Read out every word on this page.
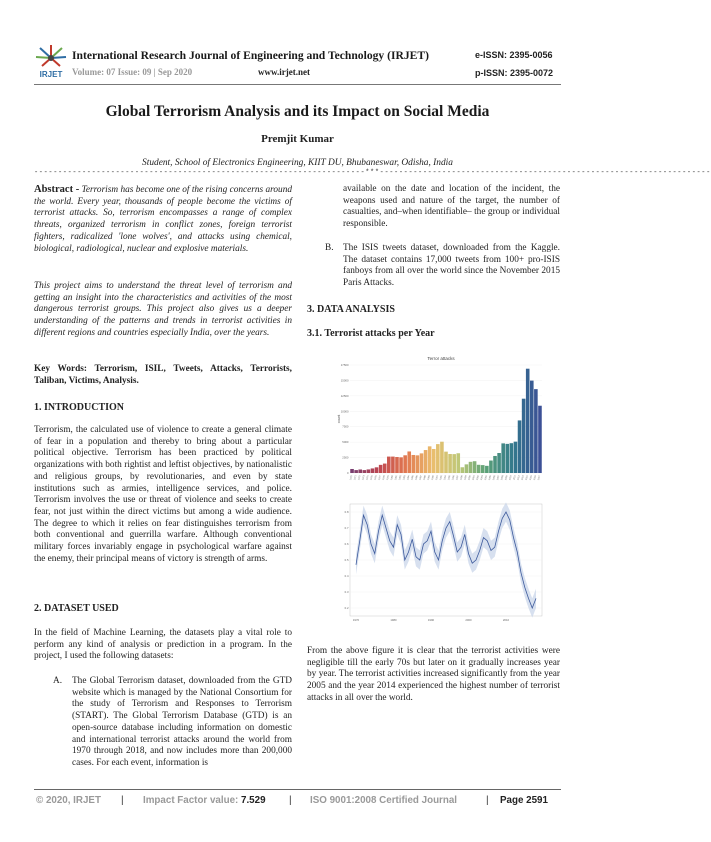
IRJET
International Research Journal of Engineering and Technology (IRJET)
Volume: 07 Issue: 09 | Sep 2020	www.irjet.net
e-ISSN: 2395-0056
p-ISSN: 2395-0072
Global Terrorism Analysis and its Impact on Social Media
Premjit Kumar
Student, School of Electronics Engineering, KIIT DU, Bhubaneswar, Odisha, India
---------------------------------------------------------------------***---------------------------------------------------------------------
Abstract - Terrorism has become one of the rising concerns around the world. Every year, thousands of people become the victims of terrorist attacks. So, terrorism encompasses a range of complex threats, organized terrorism in conflict zones, foreign terrorist fighters, radicalized 'lone wolves', and attacks using chemical, biological, radiological, nuclear and explosive materials.
This project aims to understand the threat level of terrorism and getting an insight into the characteristics and activities of the most dangerous terrorist groups. This project also gives us a deeper understanding of the patterns and trends in terrorist activities in different regions and countries especially India, over the years.
Key Words: Terrorism, ISIL, Tweets, Attacks, Terrorists, Taliban, Victims, Analysis.
1. INTRODUCTION
Terrorism, the calculated use of violence to create a general climate of fear in a population and thereby to bring about a particular political objective. Terrorism has been practiced by political organizations with both rightist and leftist objectives, by nationalistic and religious groups, by revolutionaries, and even by state institutions such as armies, intelligence services, and police. Terrorism involves the use or threat of violence and seeks to create fear, not just within the direct victims but among a wide audience. The degree to which it relies on fear distinguishes terrorism from both conventional and guerrilla warfare. Although conventional military forces invariably engage in psychological warfare against the enemy, their principal means of victory is strength of arms.
2. DATASET USED
In the field of Machine Learning, the datasets play a vital role to perform any kind of analysis or prediction in a program. In the project, I used the following datasets:
A. The Global Terrorism dataset, downloaded from the GTD website which is managed by the National Consortium for the study of Terrorism and Responses to Terrorism (START). The Global Terrorism Database (GTD) is an open-source database including information on domestic and international terrorist attacks around the world from 1970 through 2018, and now includes more than 200,000 cases. For each event, information is
available on the date and location of the incident, the weapons used and nature of the target, the number of casualties, and–when identifiable– the group or individual responsible.
B. The ISIS tweets dataset, downloaded from the Kaggle. The dataset contains 17,000 tweets from 100+ pro-ISIS fanboys from all over the world since the November 2015 Paris Attacks.
3. DATA ANALYSIS
3.1. Terrorist attacks per Year
Terror attacks
count
0
2500
5000
7500
10000
12500
15000
17500
1970 1971 1972 1973 1974 1975 1976 1977 1978 1979 1980 1981 1982 1983 1984 1985 1986 1987 1988 1989 1990 1991 1992 1994 1995 1996 1997 1998 1999 2000 2001 2002 2003 2004 2005 2006 2007 2008 2009 2010 2011 2012 2013 2014 2015 2016 2017
0.2
0.3
0.4
0.5
0.6
0.7
0.8
1970	1980	1990	2000	2010
From the above figure it is clear that the terrorist activities were negligible till the early 70s but later on it gradually increases year by year. The terrorist activities increased significantly from the year 2005 and the year 2014 experienced the highest number of terrorist attacks in all over the world.
© 2020, IRJET | Impact Factor value: 7.529 | ISO 9001:2008 Certified Journal	| Page 2591
